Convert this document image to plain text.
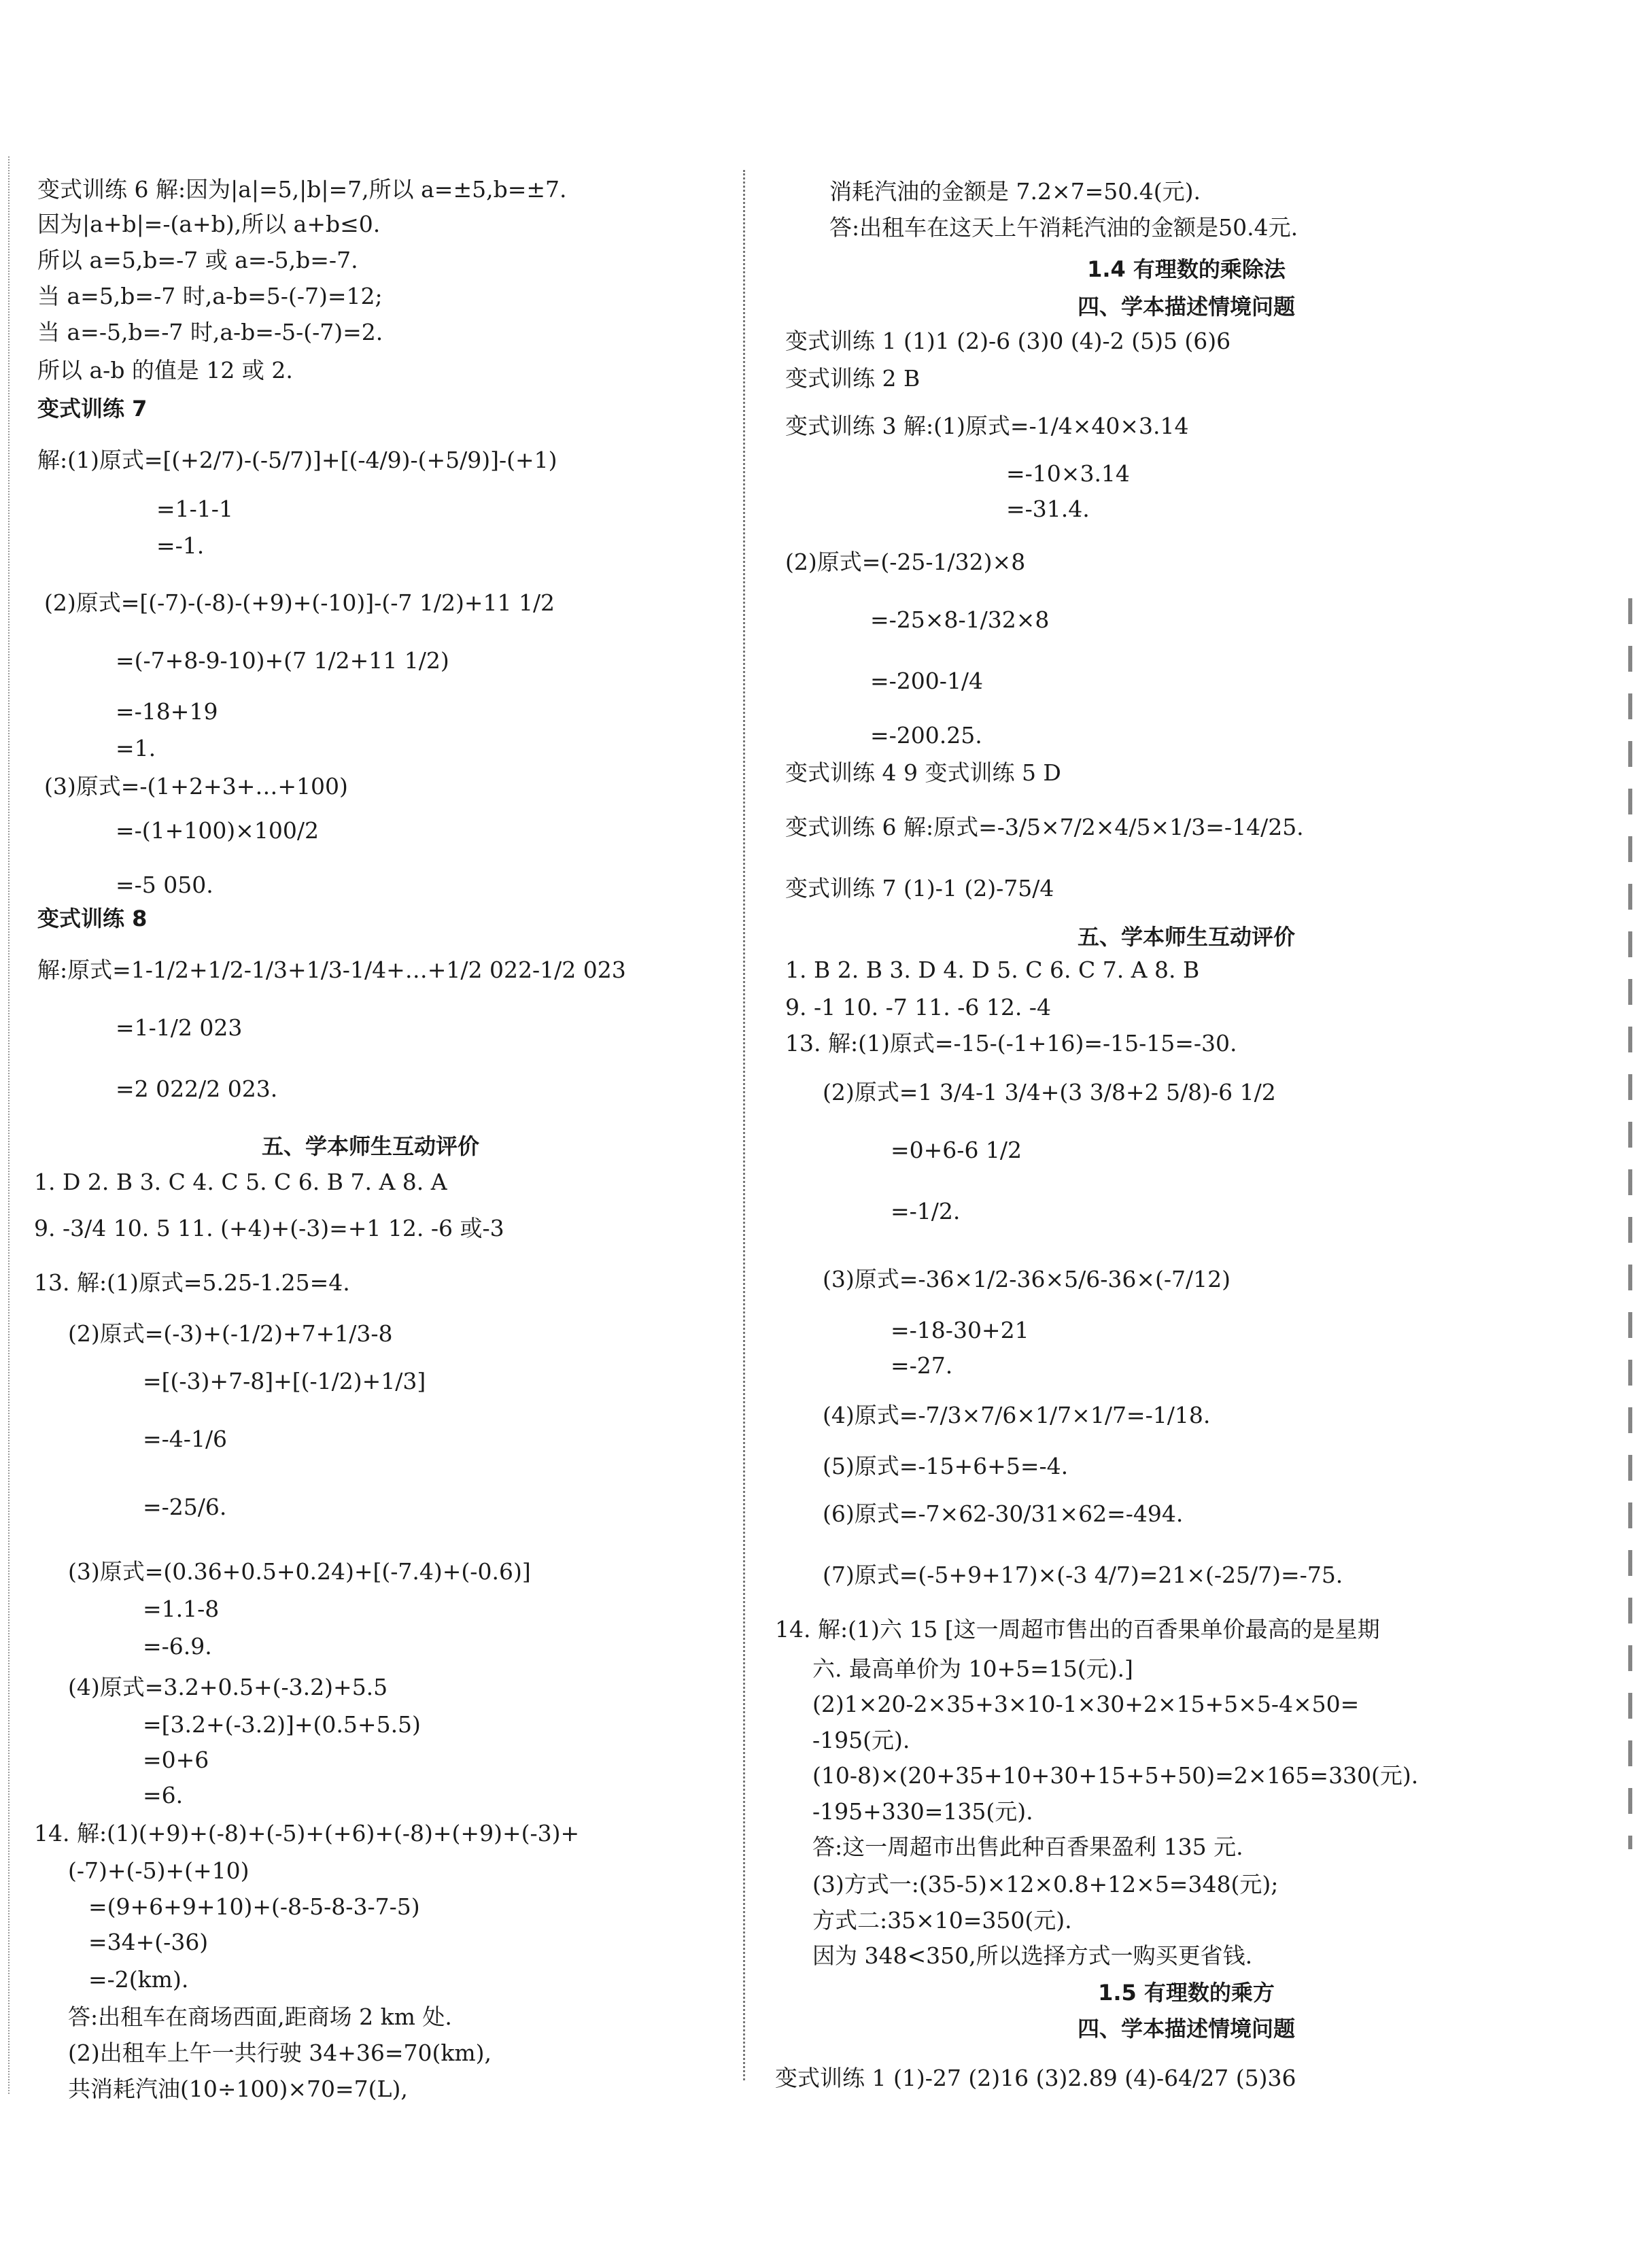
变式训练 6 解:因为|a|=5,|b|=7,所以 a=±5,b=±7.
因为|a+b|=-(a+b),所以 a+b≤0.
所以 a=5,b=-7 或 a=-5,b=-7.
当 a=5,b=-7 时,a-b=5-(-7)=12;
当 a=-5,b=-7 时,a-b=-5-(-7)=2.
所以 a-b 的值是 12 或 2.
变式训练 7
解:(1)原式=[(+2/7)-(-5/7)]+[(-4/9)-(+5/9)]-(+1)
=1-1-1
=-1.
(2)原式=[(-7)-(-8)-(+9)+(-10)]-(-7 1/2)+11 1/2
=(-7+8-9-10)+(7 1/2+11 1/2)
=-18+19
=1.
(3)原式=-(1+2+3+…+100)
=-(1+100)×100/2
=-5 050.
变式训练 8
解:原式=1-1/2+1/2-1/3+1/3-1/4+…+1/2 022-1/2 023
=1-1/2 023
=2 022/2 023.
五、学本师生互动评价
1. D 2. B 3. C 4. C 5. C 6. B 7. A 8. A
9. -3/4 10. 5 11. (+4)+(-3)=+1 12. -6 或-3
13. 解:(1)原式=5.25-1.25=4.
(2)原式=(-3)+(-1/2)+7+1/3-8
=[(-3)+7-8]+[(-1/2)+1/3]
=-4-1/6
=-25/6.
(3)原式=(0.36+0.5+0.24)+[(-7.4)+(-0.6)]
=1.1-8
=-6.9.
(4)原式=3.2+0.5+(-3.2)+5.5
=[3.2+(-3.2)]+(0.5+5.5)
=0+6
=6.
14. 解:(1)(+9)+(-8)+(-5)+(+6)+(-8)+(+9)+(-3)+
(-7)+(-5)+(+10)
=(9+6+9+10)+(-8-5-8-3-7-5)
=34+(-36)
=-2(km).
答:出租车在商场西面,距商场 2 km 处.
(2)出租车上午一共行驶 34+36=70(km),
共消耗汽油(10÷100)×70=7(L),
消耗汽油的金额是 7.2×7=50.4(元).
答:出租车在这天上午消耗汽油的金额是50.4元.
1.4 有理数的乘除法
四、学本描述情境问题
变式训练 1 (1)1 (2)-6 (3)0 (4)-2 (5)5 (6)6
变式训练 2 B
变式训练 3 解:(1)原式=-1/4×40×3.14
=-10×3.14
=-31.4.
(2)原式=(-25-1/32)×8
=-25×8-1/32×8
=-200-1/4
=-200.25.
变式训练 4 9 变式训练 5 D
变式训练 6 解:原式=-3/5×7/2×4/5×1/3=-14/25.
变式训练 7 (1)-1 (2)-75/4
五、学本师生互动评价
1. B 2. B 3. D 4. D 5. C 6. C 7. A 8. B
9. -1 10. -7 11. -6 12. -4
13. 解:(1)原式=-15-(-1+16)=-15-15=-30.
(2)原式=1 3/4-1 3/4+(3 3/8+2 5/8)-6 1/2
=0+6-6 1/2
=-1/2.
(3)原式=-36×1/2-36×5/6-36×(-7/12)
=-18-30+21
=-27.
(4)原式=-7/3×7/6×1/7×1/7=-1/18.
(5)原式=-15+6+5=-4.
(6)原式=-7×62-30/31×62=-494.
(7)原式=(-5+9+17)×(-3 4/7)=21×(-25/7)=-75.
14. 解:(1)六 15 [这一周超市售出的百香果单价最高的是星期
六. 最高单价为 10+5=15(元).]
(2)1×20-2×35+3×10-1×30+2×15+5×5-4×50=
-195(元).
(10-8)×(20+35+10+30+15+5+50)=2×165=330(元).
-195+330=135(元).
答:这一周超市出售此种百香果盈利 135 元.
(3)方式一:(35-5)×12×0.8+12×5=348(元);
方式二:35×10=350(元).
因为 348<350,所以选择方式一购买更省钱.
1.5 有理数的乘方
四、学本描述情境问题
变式训练 1 (1)-27 (2)16 (3)2.89 (4)-64/27 (5)36
